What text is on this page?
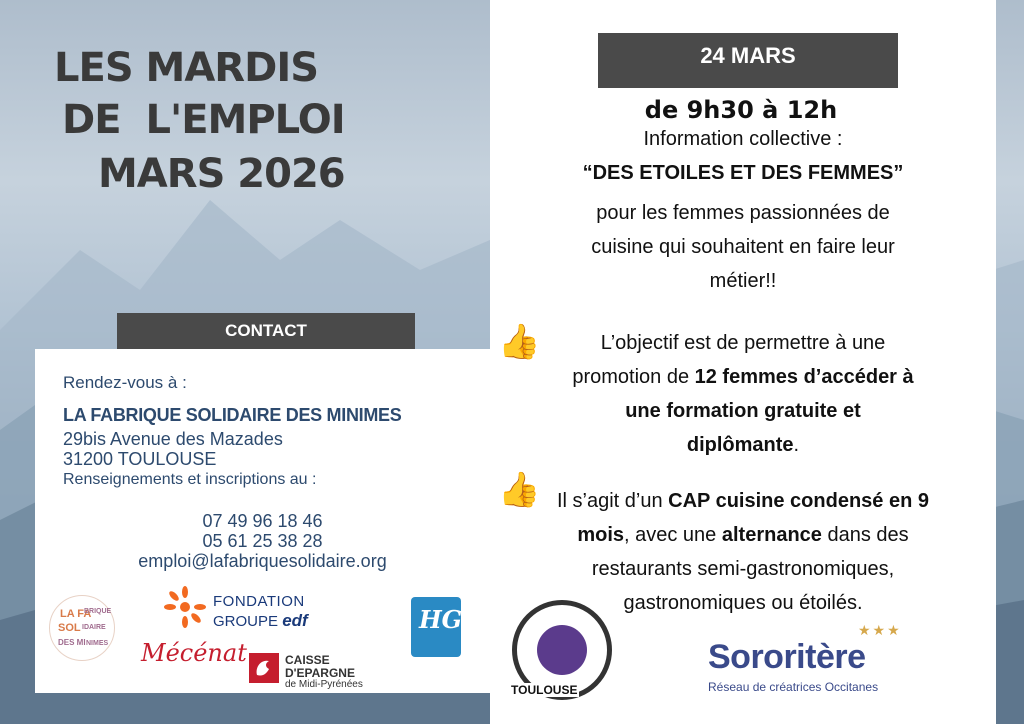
LES MARDIS
DE L'EMPLOI
MARS 2026
CONTACT
Rendez-vous à :
LA FABRIQUE SOLIDAIRE DES MINIMES
29bis Avenue des Mazades
31200 TOULOUSE
Renseignements et inscriptions au :
07 49 96 18 46
05 61 25 38 28
emploi@lafabriquesolidaire.org
LA FA
BRIQUE
SOL IDAIRE
DES MI NIMES
FONDATION
GROUPE edf
Mécénat	CAISSE
D'EPARGNE
de Midi-Pyrénées
HG
24 MARS
de 9h30 à 12h
Information collective :
“DES ETOILES ET DES FEMMES”
pour les femmes passionnées de
cuisine qui souhaitent en faire leur
métier!!
👍	L’objectif est de permettre à une
promotion de 12 femmes d’accéder à
une formation gratuite et
diplômante.
👍 Il s’agit d’un CAP cuisine condensé en 9
mois, avec une alternance dans des
restaurants semi-gastronomiques,
gastronomiques ou étoilés.
TOULOUSE
★★★
Sororitère
Réseau de créatrices Occitanes
